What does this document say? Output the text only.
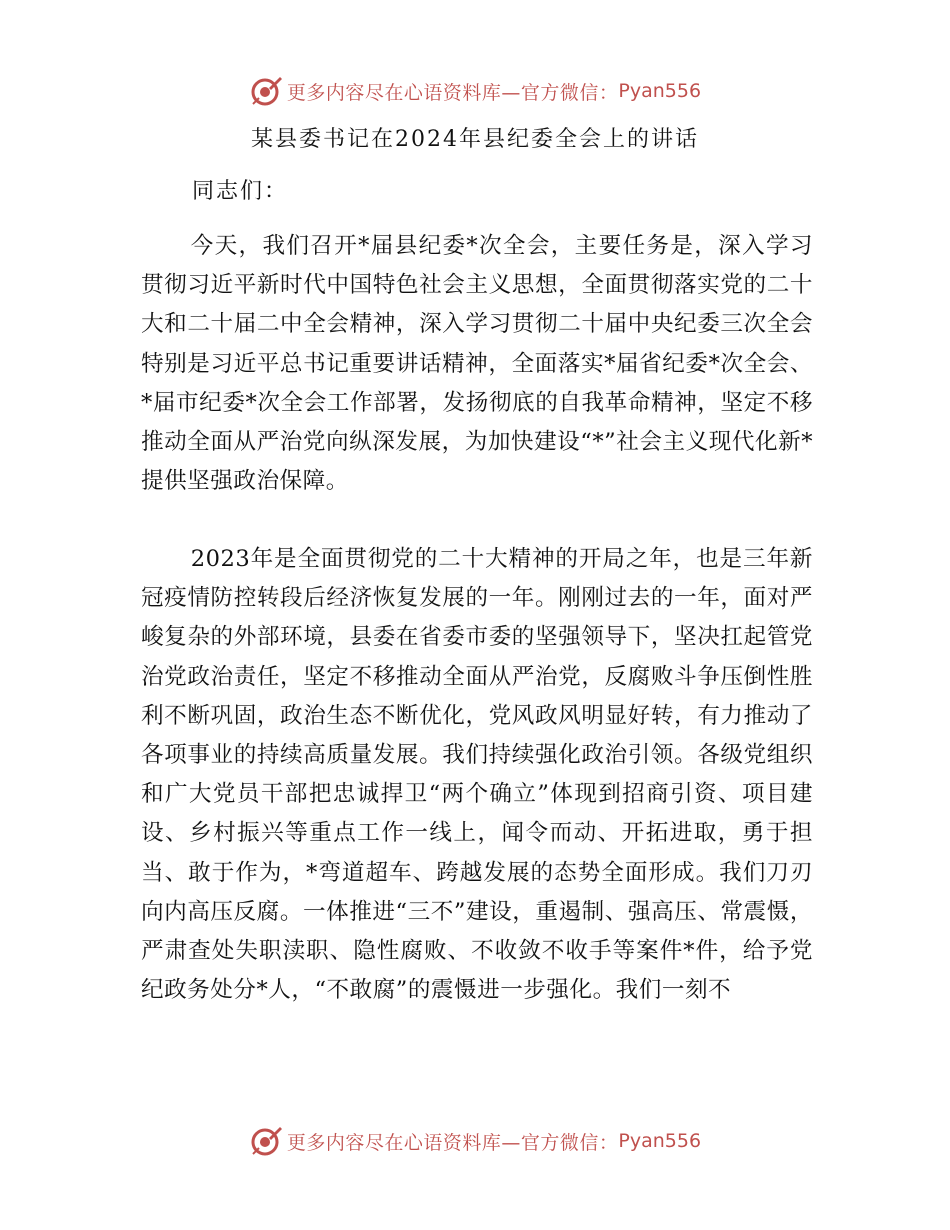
更多内容尽在心语资料库—官方微信： Pyan556
某县委书记在2024年县纪委全会上的讲话
同志们：

今天，我们召开*届县纪委*次全会，主要任务是，深入学习贯彻习近平新时代中国特色社会主义思想，全面贯彻落实党的二十大和二十届二中全会精神，深入学习贯彻二十届中央纪委三次全会特别是习近平总书记重要讲话精神，全面落实*届省纪委*次全会、*届市纪委*次全会工作部署，发扬彻底的自我革命精神，坚定不移推动全面从严治党向纵深发展，为加快建设“*”社会主义现代化新*提供坚强政治保障。

2023年是全面贯彻党的二十大精神的开局之年，也是三年新冠疫情防控转段后经济恢复发展的一年。刚刚过去的一年，面对严峻复杂的外部环境，县委在省委市委的坚强领导下，坚决扛起管党治党政治责任，坚定不移推动全面从严治党，反腐败斗争压倒性胜利不断巩固，政治生态不断优化，党风政风明显好转，有力推动了各项事业的持续高质量发展。我们持续强化政治引领。各级党组织和广大党员干部把忠诚捍卫“两个确立”体现到招商引资、项目建设、乡村振兴等重点工作一线上，闻令而动、开拓进取，勇于担当、敢于作为，*弯道超车、跨越发展的态势全面形成。我们刀刃向内高压反腐。一体推进“三不”建设，重遏制、强高压、常震慑，严肃查处失职渎职、隐性腐败、不收敛不收手等案件*件，给予党纪政务处分*人，“不敢腐”的震慑进一步强化。我们一刻不

更多内容尽在心语资料库—官方微信： Pyan556
